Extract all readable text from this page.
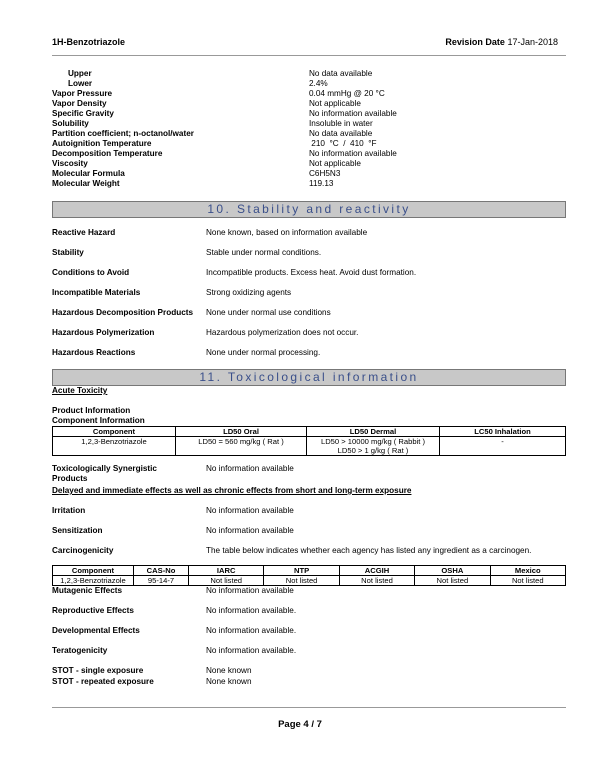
1H-Benzotriazole	Revision Date 17-Jan-2018
Upper	No data available
Lower	2.4%
Vapor Pressure	0.04 mmHg @ 20 °C
Vapor Density	Not applicable
Specific Gravity	No information available
Solubility	Insoluble in water
Partition coefficient; n-octanol/water	No data available
Autoignition Temperature	210  °C  /  410  °F
Decomposition Temperature	No information available
Viscosity	Not applicable
Molecular Formula	C6H5N3
Molecular Weight	119.13
10. Stability and reactivity
Reactive Hazard	None known, based on information available
Stability	Stable under normal conditions.
Conditions to Avoid	Incompatible products. Excess heat. Avoid dust formation.
Incompatible Materials	Strong oxidizing agents
Hazardous Decomposition Products None under normal use conditions
Hazardous Polymerization	Hazardous polymerization does not occur.
Hazardous Reactions	None under normal processing.
11. Toxicological information
Acute Toxicity
Product Information
Component Information
Component	LD50 Oral	LD50 Dermal	LC50 Inhalation
1,2,3-Benzotriazole	LD50 = 560 mg/kg ( Rat )	LD50 > 10000 mg/kg ( Rabbit )
LD50 > 1 g/kg ( Rat )	-
Toxicologically Synergistic
Products
No information available
Delayed and immediate effects as well as chronic effects from short and long-term exposure
Irritation	No information available
Sensitization	No information available
Carcinogenicity	The table below indicates whether each agency has listed any ingredient as a carcinogen.
Component	CAS-No	IARC	NTP	ACGIH	OSHA	Mexico
1,2,3-Benzotriazole	95-14-7	Not listed	Not listed	Not listed	Not listed	Not listed
Mutagenic Effects	No information available
Reproductive Effects	No information available.
Developmental Effects	No information available.
Teratogenicity	No information available.
STOT - single exposure	None known
STOT - repeated exposure	None known
Page 4 / 7
